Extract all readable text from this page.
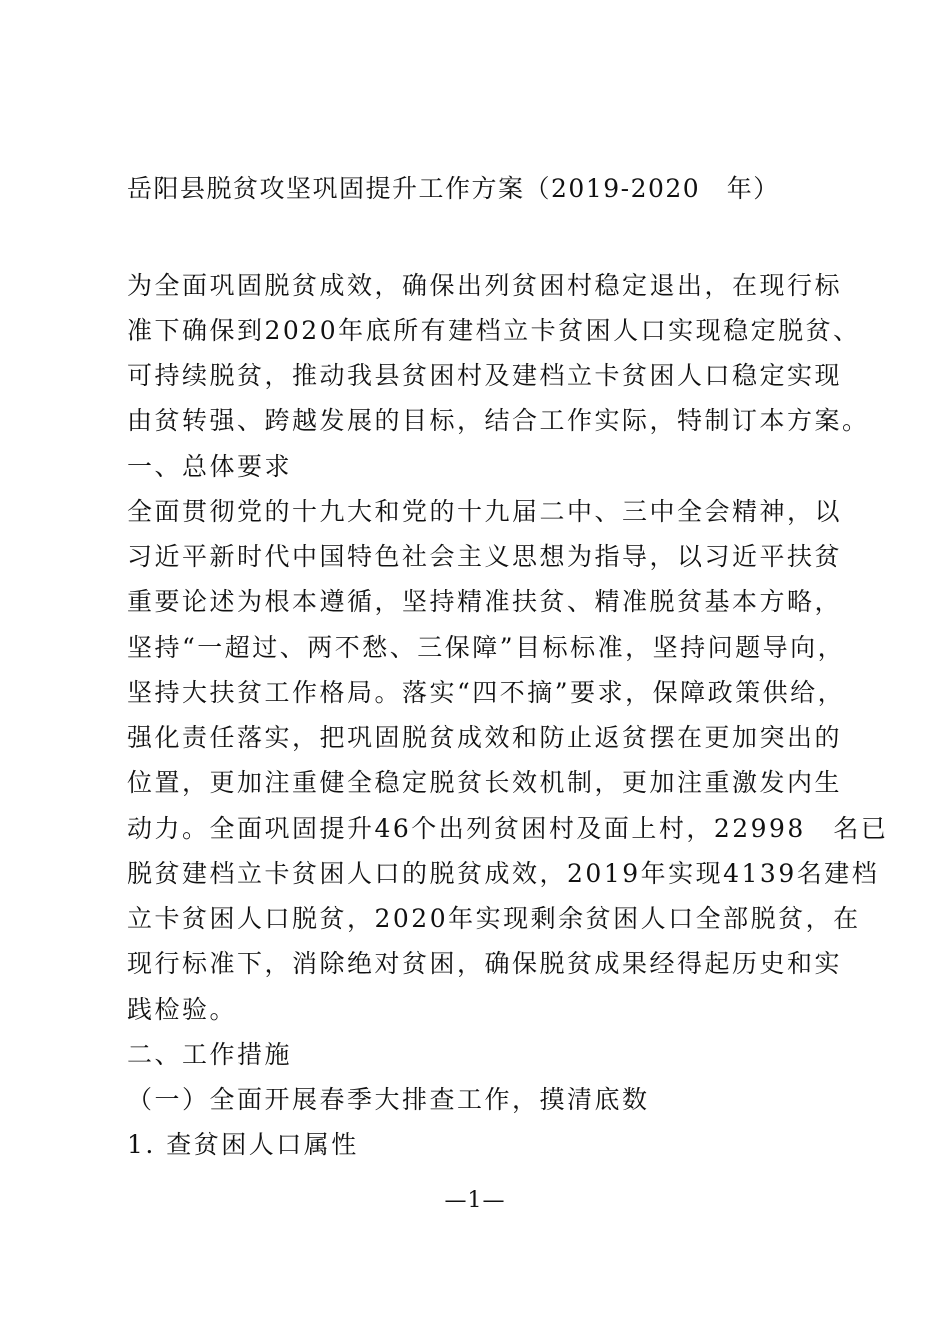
岳阳县脱贫攻坚巩固提升工作方案（2019-2020　年）
为全面巩固脱贫成效，确保出列贫困村稳定退出，在现行标
准下确保到2020年底所有建档立卡贫困人口实现稳定脱贫、
可持续脱贫，推动我县贫困村及建档立卡贫困人口稳定实现
由贫转强、跨越发展的目标，结合工作实际，特制订本方案。
一、总体要求
全面贯彻党的十九大和党的十九届二中、三中全会精神，以
习近平新时代中国特色社会主义思想为指导，以习近平扶贫
重要论述为根本遵循，坚持精准扶贫、精准脱贫基本方略，
坚持“一超过、两不愁、三保障”目标标准，坚持问题导向，
坚持大扶贫工作格局。落实“四不摘”要求，保障政策供给，
强化责任落实，把巩固脱贫成效和防止返贫摆在更加突出的
位置，更加注重健全稳定脱贫长效机制，更加注重激发内生
动力。全面巩固提升46个出列贫困村及面上村，22998　名已
脱贫建档立卡贫困人口的脱贫成效，2019年实现4139名建档
立卡贫困人口脱贫，2020年实现剩余贫困人口全部脱贫，在
现行标准下，消除绝对贫困，确保脱贫成果经得起历史和实
践检验。
二、工作措施
（一）全面开展春季大排查工作，摸清底数
1. 查贫困人口属性
—1—
